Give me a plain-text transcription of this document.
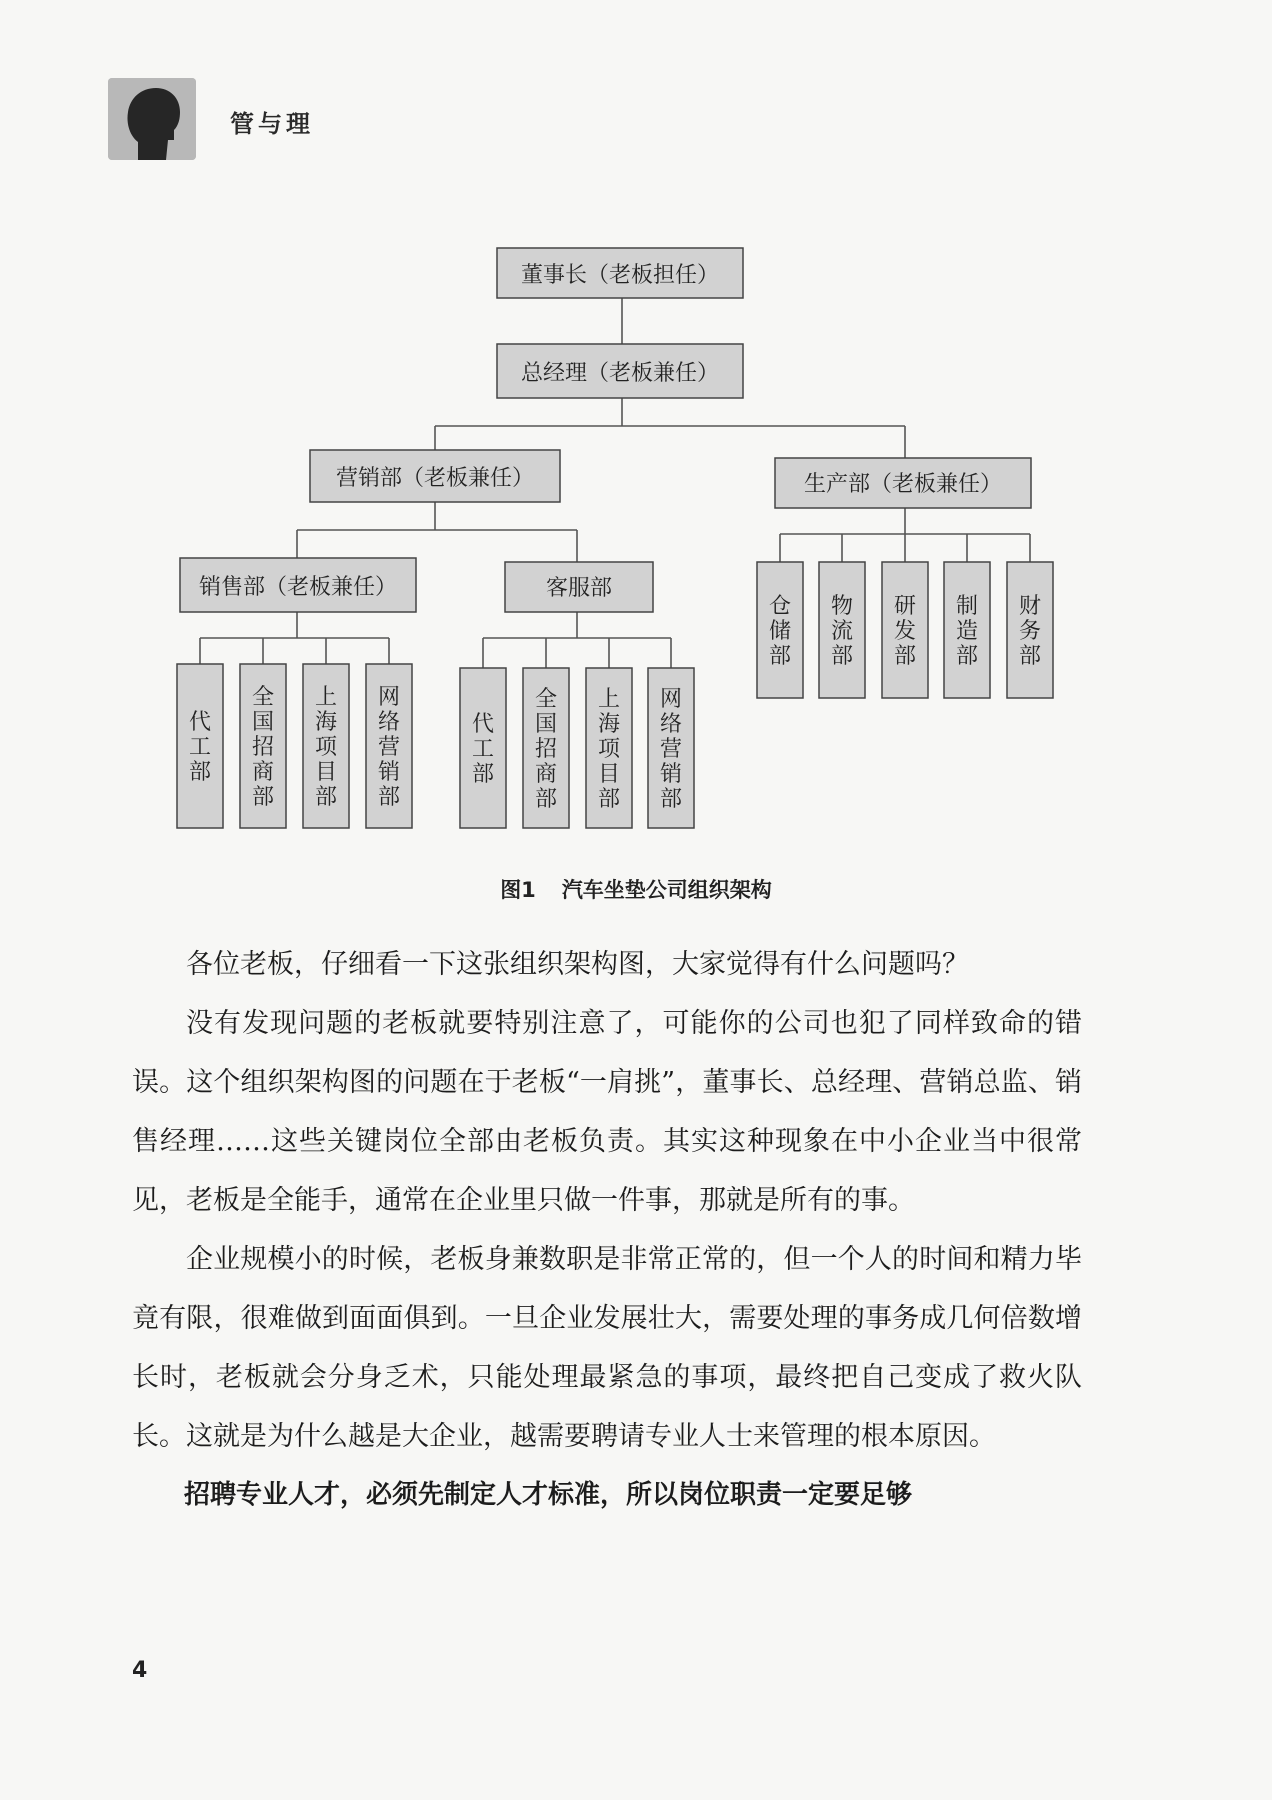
管与理
董事长（老板担任）
总经理（老板兼任）
营销部（老板兼任）	生产部（老板兼任）
销售部（老板兼任）	客服部
代工部
全国招商部
上海项目部
网络营销部
代工部
全国招商部
上海项目部
网络营销部
仓储部
物流部
研发部
制造部
财务部
图1 汽车坐垫公司组织架构

各位老板，仔细看一下这张组织架构图，大家觉得有什么问题吗？

没有发现问题的老板就要特别注意了，可能你的公司也犯了同样致命的错误。这个组织架构图的问题在于老板“一肩挑”，董事长、总经理、营销总监、销售经理……这些关键岗位全部由老板负责。其实这种现象在中小企业当中很常见，老板是全能手，通常在企业里只做一件事，那就是所有的事。

企业规模小的时候，老板身兼数职是非常正常的，但一个人的时间和精力毕竟有限，很难做到面面俱到。一旦企业发展壮大，需要处理的事务成几何倍数增长时，老板就会分身乏术，只能处理最紧急的事项，最终把自己变成了救火队长。这就是为什么越是大企业，越需要聘请专业人士来管理的根本原因。

招聘专业人才，必须先制定人才标准，所以岗位职责一定要足够

4
